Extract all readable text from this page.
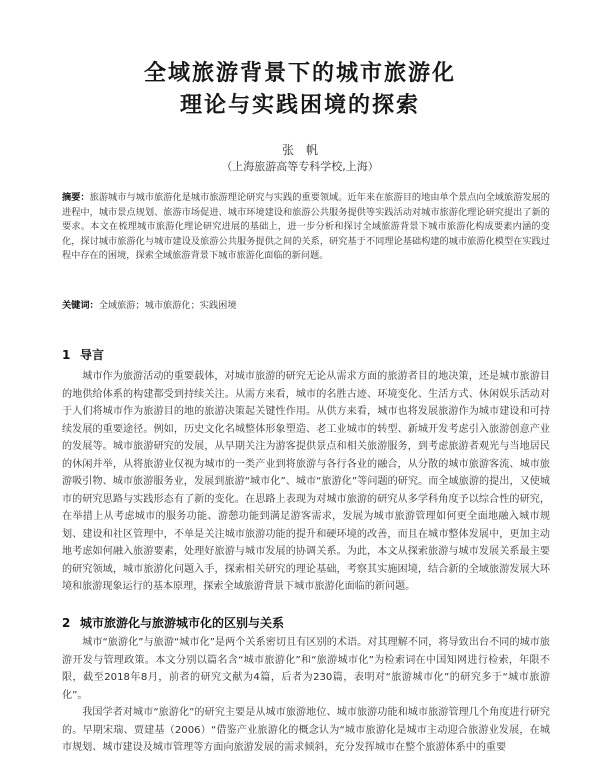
全域旅游背景下的城市旅游化
理论与实践困境的探索
张　帆
（上海旅游高等专科学校,上海）
摘要：旅游城市与城市旅游化是城市旅游理论研究与实践的重要领域。近年来在旅游目的地由单个景点向全域旅游发展的进程中，城市景点规划、旅游市场促进、城市环境建设和旅游公共服务提供等实践活动对城市旅游化理论研究提出了新的要求。本文在梳理城市旅游化理论研究进展的基础上，进一步分析和探讨全域旅游背景下城市旅游化构成要素内涵的变化，探讨城市旅游化与城市建设及旅游公共服务提供之间的关系，研究基于不同理论基础构建的城市旅游化模型在实践过程中存在的困境，探索全域旅游背景下城市旅游化面临的新问题。
关键词：全域旅游；城市旅游化；实践困境
1 导言

城市作为旅游活动的重要载体，对城市旅游的研究无论从需求方面的旅游者目的地决策，还是城市旅游目的地供给体系的构建都受到持续关注。从需方来看，城市的名胜古迹、环境变化、生活方式、休闲娱乐活动对于人们将城市作为旅游目的地的旅游决策起关键性作用。从供方来看，城市也将发展旅游作为城市建设和可持续发展的重要途径。例如，历史文化名城整体形象塑造、老工业城市的转型、新城开发考虑引入旅游创意产业的发展等。城市旅游研究的发展，从早期关注为游客提供景点和相关旅游服务，到考虑旅游者观光与当地居民的休闲并举，从将旅游业仅视为城市的一类产业到将旅游与各行各业的融合，从分散的城市旅游客流、城市旅游吸引物、城市旅游服务业，发展到旅游“城市化”、城市“旅游化”等问题的研究。而全域旅游的提出，又使城市的研究思路与实践形态有了新的变化。在思路上表现为对城市旅游的研究从多学科角度予以综合性的研究，在举措上从考虑城市的服务功能、游憩功能到满足游客需求，发展为城市旅游管理如何更全面地融入城市规划、建设和社区管理中，不单是关注城市旅游功能的提升和硬环境的改善，而且在城市整体发展中，更加主动地考虑如何融入旅游要素，处理好旅游与城市发展的协调关系。为此，本文从探索旅游与城市发展关系最主要的研究领域，城市旅游化问题入手，探索相关研究的理论基础，考察其实施困境，结合新的全域旅游发展大环境和旅游现象运行的基本原理，探索全域旅游背景下城市旅游化面临的新问题。

2 城市旅游化与旅游城市化的区别与关系

城市“旅游化”与旅游“城市化”是两个关系密切且有区别的术语。对其理解不同，将导致出台不同的城市旅游开发与管理政策。本文分别以篇名含“城市旅游化”和“旅游城市化”为检索词在中国知网进行检索，年限不限，截至2018年8月，前者的研究文献为4篇，后者为230篇，表明对“旅游城市化”的研究多于“城市旅游化”。

我国学者对城市“旅游化”的研究主要是从城市旅游地位、城市旅游功能和城市旅游管理几个角度进行研究的。早期宋瑞、贾建基（2006）“借鉴产业旅游化的概念认为“城市旅游化是城市主动迎合旅游业发展，在城市规划、城市建设及城市管理等方面向旅游发展的需求倾斜，充分发挥城市在整个旅游体系中的重要
